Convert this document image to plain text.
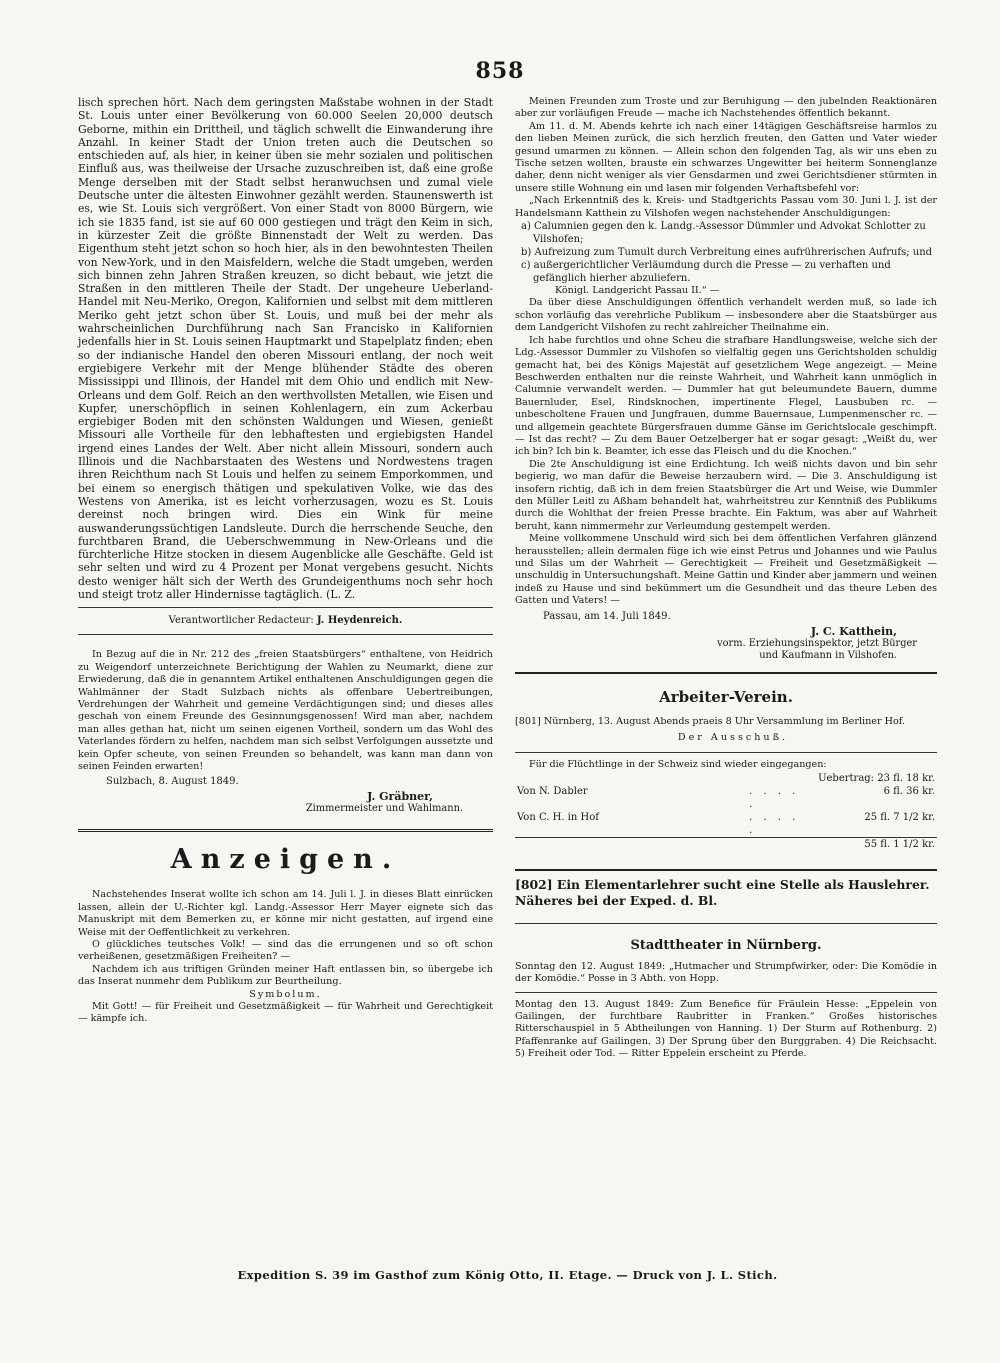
858

lisch sprechen hört. Nach dem geringsten Maßstabe wohnen in der Stadt St. Louis unter einer Bevölkerung von 60.000 Seelen 20,000 deutsch Geborne, mithin ein Drittheil, und täglich schwellt die Einwanderung ihre Anzahl. In keiner Stadt der Union treten auch die Deutschen so entschieden auf, als hier, in keiner üben sie mehr sozialen und politischen Einfluß aus, was theilweise der Ursache zuzuschreiben ist, daß eine große Menge derselben mit der Stadt selbst heranwuchsen und zumal viele Deutsche unter die ältesten Einwohner gezählt werden. Staunenswerth ist es, wie St. Louis sich vergrößert. Von einer Stadt von 8000 Bürgern, wie ich sie 1835 fand, ist sie auf 60 000 gestiegen und trägt den Keim in sich, in kürzester Zeit die größte Binnenstadt der Welt zu werden. Das Eigenthum steht jetzt schon so hoch hier, als in den bewohntesten Theilen von New-York, und in den Maisfeldern, welche die Stadt umgeben, werden sich binnen zehn Jahren Straßen kreuzen, so dicht bebaut, wie jetzt die Straßen in den mittleren Theile der Stadt. Der ungeheure Ueberland-Handel mit Neu-Meriko, Oregon, Kalifornien und selbst mit dem mittleren Meriko geht jetzt schon über St. Louis, und muß bei der mehr als wahrscheinlichen Durchführung nach San Francisko in Kalifornien jedenfalls hier in St. Louis seinen Hauptmarkt und Stapelplatz finden; eben so der indianische Handel den oberen Missouri entlang, der noch weit ergiebigere Verkehr mit der Menge blühender Städte des oberen Mississippi und Illinois, der Handel mit dem Ohio und endlich mit New-Orleans und dem Golf. Reich an den werthvollsten Metallen, wie Eisen und Kupfer, unerschöpflich in seinen Kohlenlagern, ein zum Ackerbau ergiebiger Boden mit den schönsten Waldungen und Wiesen, genießt Missouri alle Vortheile für den lebhaftesten und ergiebigsten Handel irgend eines Landes der Welt. Aber nicht allein Missouri, sondern auch Illinois und die Nachbarstaaten des Westens und Nordwestens tragen ihren Reichthum nach St Louis und helfen zu seinem Emporkommen, und bei einem so energisch thätigen und spekulativen Volke, wie das des Westens von Amerika, ist es leicht vorherzusagen, wozu es St. Louis dereinst noch bringen wird. Dies ein Wink für meine auswanderungssüchtigen Landsleute. Durch die herrschende Seuche, den furchtbaren Brand, die Ueberschwemmung in New-Orleans und die fürchterliche Hitze stocken in diesem Augenblicke alle Geschäfte. Geld ist sehr selten und wird zu 4 Prozent per Monat vergebens gesucht. Nichts desto weniger hält sich der Werth des Grundeigenthums noch sehr hoch und steigt trotz aller Hindernisse tagtäglich. (L. Z.

Verantwortlicher Redacteur: J. Heydenreich.

In Bezug auf die in Nr. 212 des „freien Staatsbürgers“ enthaltene, von Heidrich zu Weigendorf unterzeichnete Berichtigung der Wahlen zu Neumarkt, diene zur Erwiederung, daß die in genanntem Artikel enthaltenen Anschuldigungen gegen die Wahlmänner der Stadt Sulzbach nichts als offenbare Uebertreibungen, Verdrehungen der Wahrheit und gemeine Verdächtigungen sind; und dieses alles geschah von einem Freunde des Gesinnungsgenossen! Wird man aber, nachdem man alles gethan hat, nicht um seinen eigenen Vortheil, sondern um das Wohl des Vaterlandes fördern zu helfen, nachdem man sich selbst Verfolgungen aussetzte und kein Opfer scheute, von seinen Freunden so behandelt, was kann man dann von seinen Feinden erwarten!

Sulzbach, 8. August 1849.

J. Gräbner,

Zimmermeister und Wahlmann.

Anzeigen.

Nachstehendes Inserat wollte ich schon am 14. Juli l. J. in dieses Blatt einrücken lassen, allein der U.-Richter kgl. Landg.-Assessor Herr Mayer eignete sich das Manuskript mit dem Bemerken zu, er könne mir nicht gestatten, auf irgend eine Weise mit der Oeffentlichkeit zu verkehren.

O glückliches teutsches Volk! — sind das die errungenen und so oft schon verheißenen, gesetzmäßigen Freiheiten? —

Nachdem ich aus triftigen Gründen meiner Haft entlassen bin, so übergebe ich das Inserat nunmehr dem Publikum zur Beurtheilung.

Symbolum.

Mit Gott! — für Freiheit und Gesetzmäßigkeit — für Wahrheit und Gerechtigkeit — kämpfe ich.

Meinen Freunden zum Troste und zur Beruhigung — den jubelnden Reaktionären aber zur vorläufigen Freude — mache ich Nachstehendes öffentlich bekannt.

Am 11. d. M. Abends kehrte ich nach einer 14tägigen Geschäftsreise harmlos zu den lieben Meinen zurück, die sich herzlich freuten, den Gatten und Vater wieder gesund umarmen zu können. — Allein schon den folgenden Tag, als wir uns eben zu Tische setzen wollten, brauste ein schwarzes Ungewitter bei heiterm Sonnenglanze daher, denn nicht weniger als vier Gensdarmen und zwei Gerichtsdiener stürmten in unsere stille Wohnung ein und lasen mir folgenden Verhaftsbefehl vor:

„Nach Erkenntniß des k. Kreis- und Stadtgerichts Passau vom 30. Juni l. J. ist der Handelsmann Katthein zu Vilshofen wegen nachstehender Anschuldigungen:

a) Calumnien gegen den k. Landg.-Assessor Dümmler und Advokat Schlotter zu Vilshofen;

b) Aufreizung zum Tumult durch Verbreitung eines aufrührerischen Aufrufs; und

c) außergerichtlicher Verläumdung durch die Presse — zu verhaften und gefänglich hierher abzuliefern.

Königl. Landgericht Passau II.“ —

Da über diese Anschuldigungen öffentlich verhandelt werden muß, so lade ich schon vorläufig das verehrliche Publikum — insbesondere aber die Staatsbürger aus dem Landgericht Vilshofen zu recht zahlreicher Theilnahme ein.

Ich habe furchtlos und ohne Scheu die strafbare Handlungsweise, welche sich der Ldg.-Assessor Dummler zu Vilshofen so vielfaltig gegen uns Gerichtsholden schuldig gemacht hat, bei des Königs Majestät auf gesetzlichem Wege angezeigt. — Meine Beschwerden enthalten nur die reinste Wahrheit, und Wahrheit kann unmöglich in Calumnie verwandelt werden. — Dummler hat gut beleumundete Bauern, dumme Bauernluder, Esel, Rindsknochen, impertinente Flegel, Lausbuben rc. — unbescholtene Frauen und Jungfrauen, dumme Bauernsaue, Lumpenmenscher rc. — und allgemein geachtete Bürgersfrauen dumme Gänse im Gerichtslocale geschimpft. — Ist das recht? — Zu dem Bauer Oetzelberger hat er sogar gesagt: „Weißt du, wer ich bin? Ich bin k. Beamter, ich esse das Fleisch und du die Knochen.“

Die 2te Anschuldigung ist eine Erdichtung. Ich weiß nichts davon und bin sehr begierig, wo man dafür die Beweise herzaubern wird. — Die 3. Anschuldigung ist insofern richtig, daß ich in dem freien Staatsbürger die Art und Weise, wie Dummler den Müller Leitl zu Aßham behandelt hat, wahrheitstreu zur Kenntniß des Publikums durch die Wohlthat der freien Presse brachte. Ein Faktum, was aber auf Wahrheit beruht, kann nimmermehr zur Verleumdung gestempelt werden.

Meine vollkommene Unschuld wird sich bei dem öffentlichen Verfahren glänzend herausstellen; allein dermalen füge ich wie einst Petrus und Johannes und wie Paulus und Silas um der Wahrheit — Gerechtigkeit — Freiheit und Gesetzmäßigkeit — unschuldig in Untersuchungshaft. Meine Gattin und Kinder aber jammern und weinen indeß zu Hause und sind bekümmert um die Gesundheit und das theure Leben des Gatten und Vaters! —

Passau, am 14. Juli 1849.

J. C. Katthein,

vorm. Erziehungsinspektor, jetzt Bürger

und Kaufmann in Vilshofen.

Arbeiter-Verein.

[801] Nürnberg, 13. August Abends praeis 8 Uhr Versammlung im Berliner Hof.

Der Ausschuß.

Für die Flüchtlinge in der Schweiz sind wieder eingegangen:

		Uebertrag: 23 fl. 18 kr.
Von N. Dabler	. . . . .	6 fl. 36 kr.
Von C. H. in Hof	. . . . .	25 fl. 7 1/2 kr.
		55 fl. 1 1/2 kr.

[802] Ein Elementarlehrer sucht eine Stelle als Hauslehrer. Näheres bei der Exped. d. Bl.

Stadttheater in Nürnberg.

Sonntag den 12. August 1849: „Hutmacher und Strumpfwirker, oder: Die Komödie in der Komödie.“ Posse in 3 Abth. von Hopp.

Montag den 13. August 1849: Zum Benefice für Fräulein Hesse: „Eppelein von Gailingen, der furchtbare Raubritter in Franken.“ Großes historisches Ritterschauspiel in 5 Abtheilungen von Hanning. 1) Der Sturm auf Rothenburg. 2) Pfaffenranke auf Gailingen. 3) Der Sprung über den Burggraben. 4) Die Reichsacht. 5) Freiheit oder Tod. — Ritter Eppelein erscheint zu Pferde.

Expedition S. 39 im Gasthof zum König Otto, II. Etage. — Druck von J. L. Stich.
